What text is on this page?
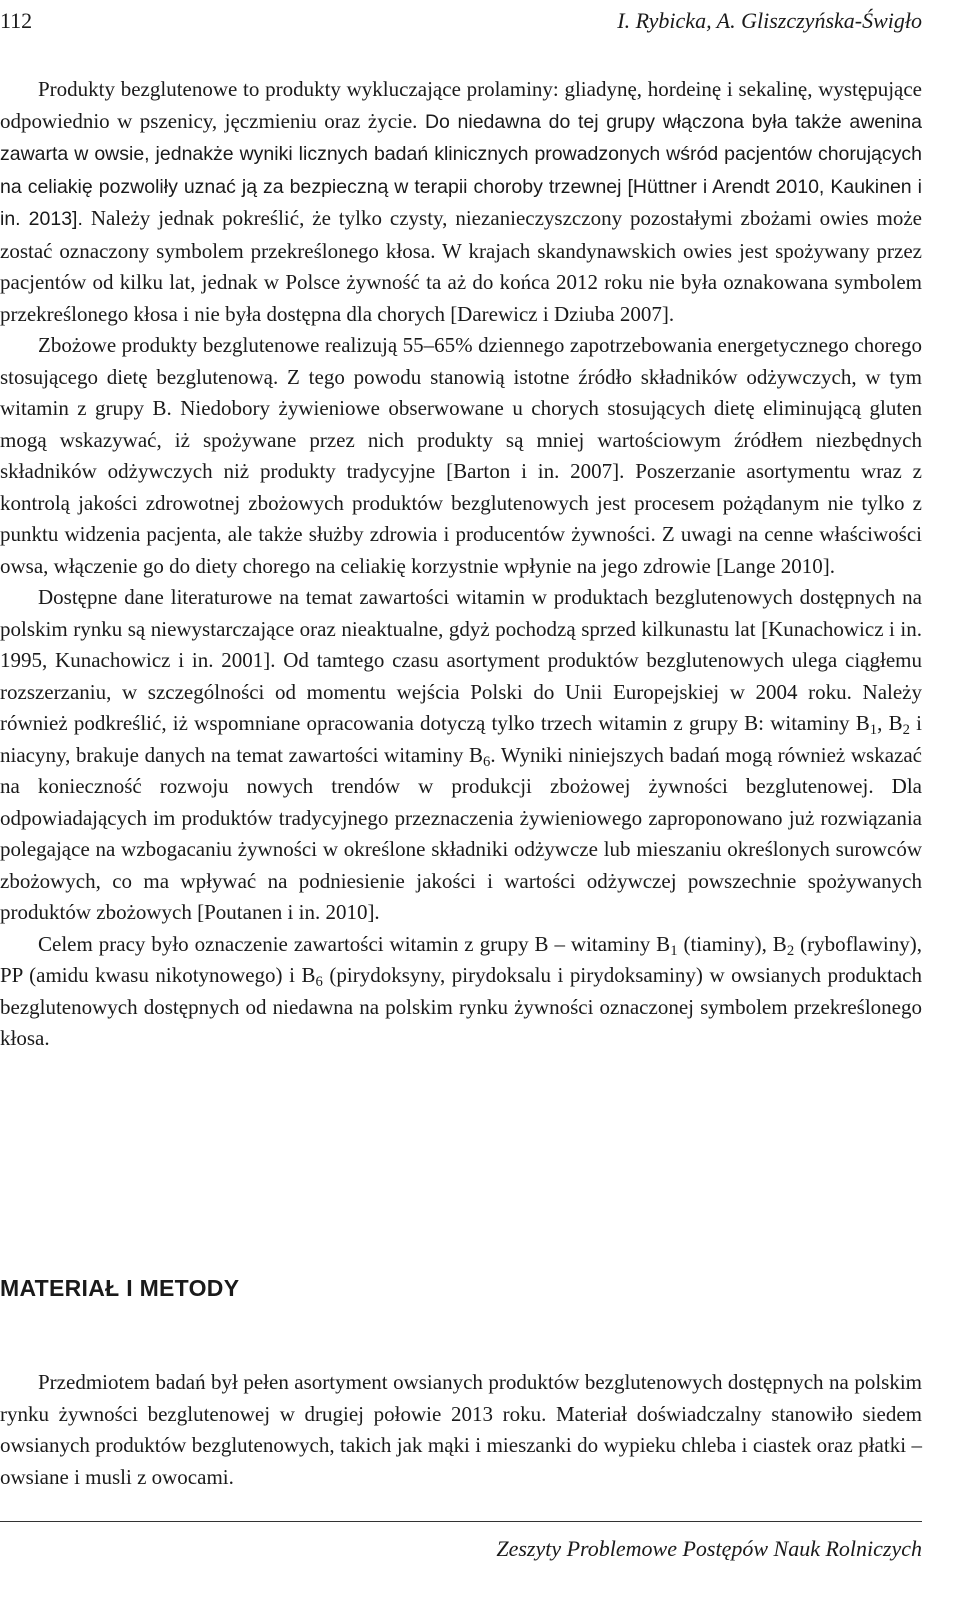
112	I. Rybicka, A. Gliszczyńska-Świgło

Produkty bezglutenowe to produkty wykluczające prolaminy: gliadynę, hordeinę i sekalinę, występujące odpowiednio w pszenicy, jęczmieniu oraz życie. Do niedawna do tej grupy włączona była także awenina zawarta w owsie, jednakże wyniki licznych badań klinicznych prowadzonych wśród pacjentów chorujących na celiakię pozwoliły uznać ją za bezpieczną w terapii choroby trzewnej [Hüttner i Arendt 2010, Kaukinen i in. 2013]. Należy jednak pokreślić, że tylko czysty, niezanieczyszczony pozostałymi zbożami owies może zostać oznaczony symbolem przekreślonego kłosa. W krajach skandynawskich owies jest spożywany przez pacjentów od kilku lat, jednak w Polsce żywność ta aż do końca 2012 roku nie była oznakowana symbolem przekreślonego kłosa i nie była dostępna dla chorych [Darewicz i Dziuba 2007].

Zbożowe produkty bezglutenowe realizują 55–65% dziennego zapotrzebowania energetycznego chorego stosującego dietę bezglutenową. Z tego powodu stanowią istotne źródło składników odżywczych, w tym witamin z grupy B. Niedobory żywieniowe obserwowane u chorych stosujących dietę eliminującą gluten mogą wskazywać, iż spożywane przez nich produkty są mniej wartościowym źródłem niezbędnych składników odżywczych niż produkty tradycyjne [Barton i in. 2007]. Poszerzanie asortymentu wraz z kontrolą jakości zdrowotnej zbożowych produktów bezglutenowych jest procesem pożądanym nie tylko z punktu widzenia pacjenta, ale także służby zdrowia i producentów żywności. Z uwagi na cenne właściwości owsa, włączenie go do diety chorego na celiakię korzystnie wpłynie na jego zdrowie [Lange 2010].

Dostępne dane literaturowe na temat zawartości witamin w produktach bezglutenowych dostępnych na polskim rynku są niewystarczające oraz nieaktualne, gdyż pochodzą sprzed kilkunastu lat [Kunachowicz i in. 1995, Kunachowicz i in. 2001]. Od tamtego czasu asortyment produktów bezglutenowych ulega ciągłemu rozszerzaniu, w szczególności od momentu wejścia Polski do Unii Europejskiej w 2004 roku. Należy również podkreślić, iż wspomniane opracowania dotyczą tylko trzech witamin z grupy B: witaminy $B_1$, $B_2$ i niacyny, brakuje danych na temat zawartości witaminy $B_6$. Wyniki niniejszych badań mogą również wskazać na konieczność rozwoju nowych trendów w produkcji zbożowej żywności bezglutenowej. Dla odpowiadających im produktów tradycyjnego przeznaczenia żywieniowego zaproponowano już rozwiązania polegające na wzbogacaniu żywności w określone składniki odżywcze lub mieszaniu określonych surowców zbożowych, co ma wpływać na podniesienie jakości i wartości odżywczej powszechnie spożywanych produktów zbożowych [Poutanen i in. 2010].

Celem pracy było oznaczenie zawartości witamin z grupy B – witaminy $B_1$ (tiaminy), $B_2$ (ryboflawiny), PP (amidu kwasu nikotynowego) i $B_6$ (pirydoksyny, pirydoksalu i pirydoksaminy) w owsianych produktach bezglutenowych dostępnych od niedawna na polskim rynku żywności oznaczonej symbolem przekreślonego kłosa.

MATERIAŁ I METODY

Przedmiotem badań był pełen asortyment owsianych produktów bezglutenowych dostępnych na polskim rynku żywności bezglutenowej w drugiej połowie 2013 roku. Materiał doświadczalny stanowiło siedem owsianych produktów bezglutenowych, takich jak mąki i mieszanki do wypieku chleba i ciastek oraz płatki – owsiane i musli z owocami.

Zeszyty Problemowe Postępów Nauk Rolniczych
